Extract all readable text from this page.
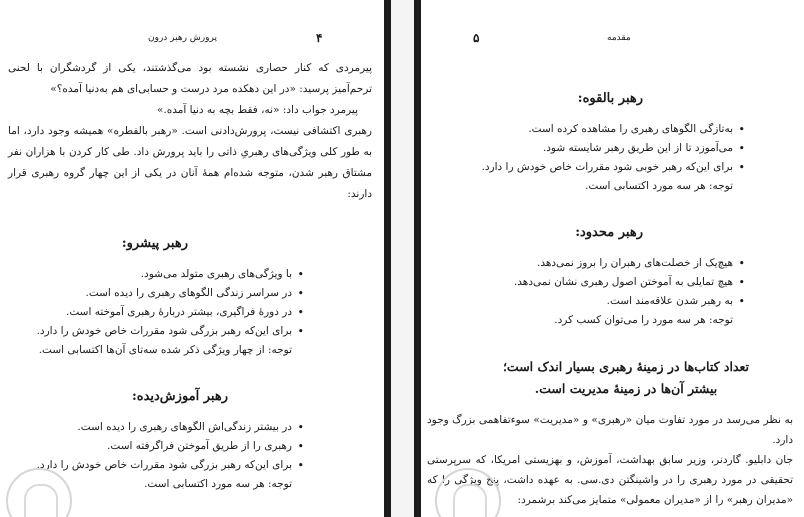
پرورش رهبر درون	۴

پیرمردی که کنار حصاری نشسته بود می‌گذشتند، یکی از گردشگران با لحنی ترحم‌آمیز پرسید: «در این دهکده مرد درست و حسابی‌ای هم به‌دنیا آمده؟»

پیرمرد جواب داد: «نه، فقط بچه به دنیا آمده.»

رهبری اکتشافی نیست، پرورش‌دادنی است. «رهبر بالفطره» همیشه وجود دارد، اما به طور کلی ویژگی‌های رهبریِ ذاتی را باید پرورش داد. طی کار کردن با هزاران نفر مشتاق رهبر شدن، متوجه شده‌ام همهٔ آنان در یکی از این چهار گروه رهبری قرار دارند:

رهبر پیشرو:
• با ویژگی‌های رهبری متولد می‌شود.
• در سراسر زندگی الگوهای رهبری را دیده است.
• در دورهٔ فراگیری، بیشتر دربارهٔ رهبری آموخته است.
• برای این‌که رهبر بزرگی شود مقررات خاص خودش را دارد.
توجه: از چهار ویژگی ذکر شده سه‌تای آن‌ها اکتسابی است.
رهبر آموزش‌دیده:
• در بیشتر زندگی‌اش الگوهای رهبری را دیده است.
• رهبری را از طریق آموختن فراگرفته است.
• برای این‌که رهبر بزرگی شود مقررات خاص خودش را دارد.
توجه: هر سه مورد اکتسابی است.
مقدمه
۵
رهبر بالقوه:
• به‌تازگی الگوهای رهبری را مشاهده کرده است.
• می‌آموزد تا از این طریق رهبر شایسته شود.
• برای این‌که رهبر خوبی شود مقررات خاص خودش را دارد.
توجه: هر سه مورد اکتسابی است.
رهبر محدود:
• هیچ‌یک از خصلت‌های رهبران را بروز نمی‌دهد.
• هیچ تمایلی به آموختن اصول رهبری نشان نمی‌دهد.
• به رهبر شدن علاقه‌مند است.
توجه: هر سه مورد را می‌توان کسب کرد.
تعداد کتاب‌ها در زمینهٔ رهبری بسیار اندک است؛
بیشتر آن‌ها در زمینهٔ مدیریت است.

به نظر می‌رسد در مورد تفاوت میان «رهبری» و «مدیریت» سوءتفاهمی بزرگ وجود دارد.

جان دابلیو. گاردنر، وزیر سابق بهداشت، آموزش، و بهزیستی امریکا، که سرپرستی تحقیقی در مورد رهبری را در واشینگتن دی‌.سی. به عهده داشت، پنج ویژگی را که «مدیران رهبر» را از «مدیران معمولی» متمایز می‌کند برشمرد:
